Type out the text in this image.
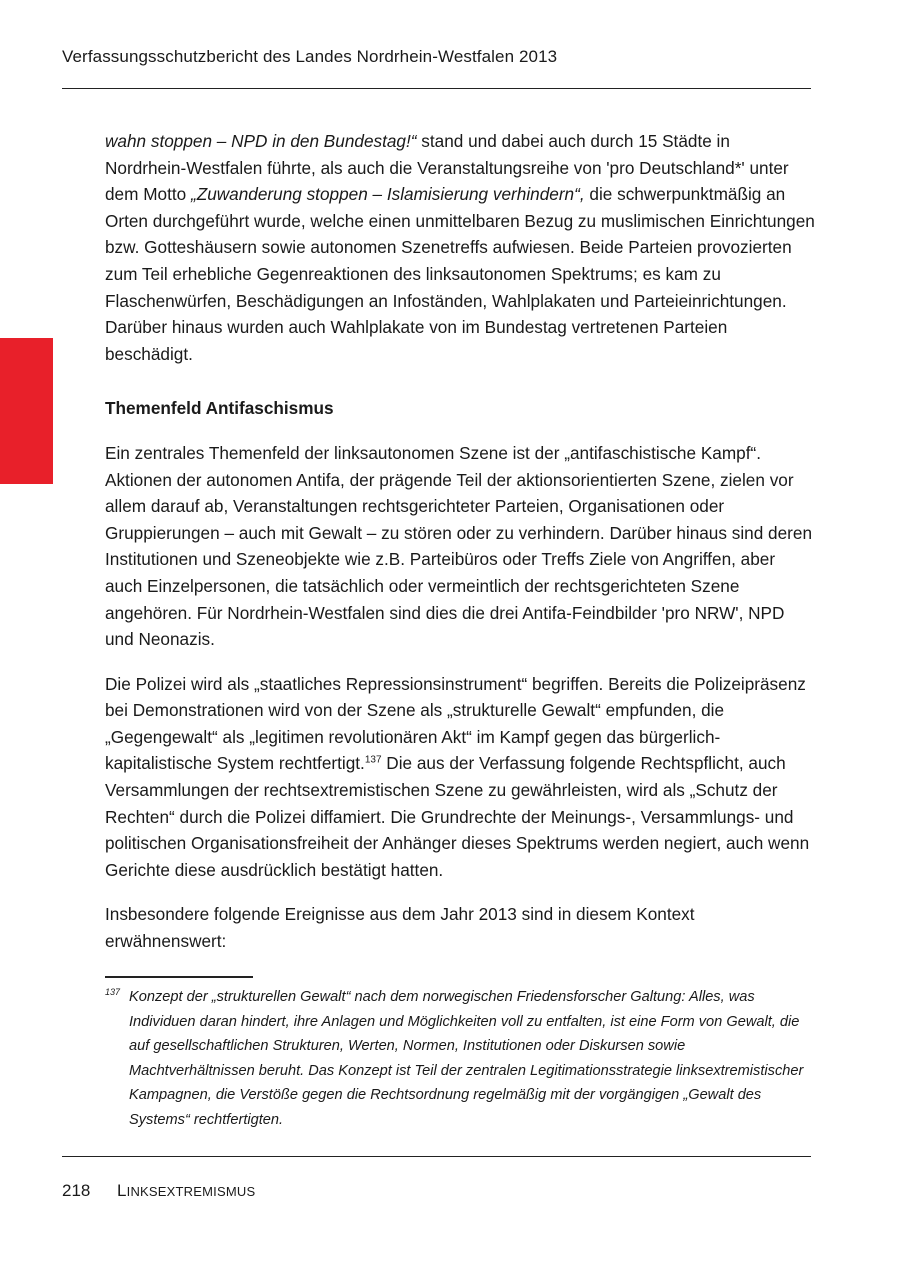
Verfassungsschutzbericht des Landes Nordrhein-Westfalen 2013

wahn stoppen – NPD in den Bundestag!“ stand und dabei auch durch 15 Städte in Nordrhein-Westfalen führte, als auch die Veranstaltungsreihe von 'pro Deutschland*' unter dem Motto „Zuwanderung stoppen – Islamisierung verhindern“, die schwerpunktmäßig an Orten durchgeführt wurde, welche einen unmittelbaren Bezug zu muslimischen Einrichtungen bzw. Gotteshäusern sowie autonomen Szenetreffs aufwiesen. Beide Parteien provozierten zum Teil erhebliche Gegenreaktionen des linksautonomen Spektrums; es kam zu Flaschenwürfen, Beschädigungen an Infoständen, Wahlplakaten und Parteieinrichtungen. Darüber hinaus wurden auch Wahlplakate von im Bundestag vertretenen Parteien beschädigt.

Themenfeld Antifaschismus

Ein zentrales Themenfeld der linksautonomen Szene ist der „antifaschistische Kampf“. Aktionen der autonomen Antifa, der prägende Teil der aktionsorientierten Szene, zielen vor allem darauf ab, Veranstaltungen rechtsgerichteter Parteien, Organisationen oder Gruppierungen – auch mit Gewalt – zu stören oder zu verhindern. Darüber hinaus sind deren Institutionen und Szeneobjekte wie z.B. Parteibüros oder Treffs Ziele von Angriffen, aber auch Einzelpersonen, die tatsächlich oder vermeintlich der rechtsgerichteten Szene angehören. Für Nordrhein-Westfalen sind dies die drei Antifa-Feindbilder 'pro NRW', NPD und Neonazis.

Die Polizei wird als „staatliches Repressionsinstrument“ begriffen. Bereits die Polizeipräsenz bei Demonstrationen wird von der Szene als „strukturelle Gewalt“ empfunden, die „Gegengewalt“ als „legitimen revolutionären Akt“ im Kampf gegen das bürgerlich-kapitalistische System rechtfertigt.$^{137}$ Die aus der Verfassung folgende Rechtspflicht, auch Versammlungen der rechtsextremistischen Szene zu gewährleisten, wird als „Schutz der Rechten“ durch die Polizei diffamiert. Die Grundrechte der Meinungs-, Versammlungs- und politischen Organisationsfreiheit der Anhänger dieses Spektrums werden negiert, auch wenn Gerichte diese ausdrücklich bestätigt hatten.

Insbesondere folgende Ereignisse aus dem Jahr 2013 sind in diesem Kontext erwähnenswert:

137 Konzept der „strukturellen Gewalt“ nach dem norwegischen Friedensforscher Galtung: Alles, was Individuen daran hindert, ihre Anlagen und Möglichkeiten voll zu entfalten, ist eine Form von Gewalt, die auf gesellschaftlichen Strukturen, Werten, Normen, Institutionen oder Diskursen sowie Machtverhältnissen beruht. Das Konzept ist Teil der zentralen Legitimationsstrategie linksextremistischer Kampagnen, die Verstöße gegen die Rechtsordnung regelmäßig mit der vorgängigen „Gewalt des Systems“ rechtfertigten.
218 LINKSEXTREMISMUS
